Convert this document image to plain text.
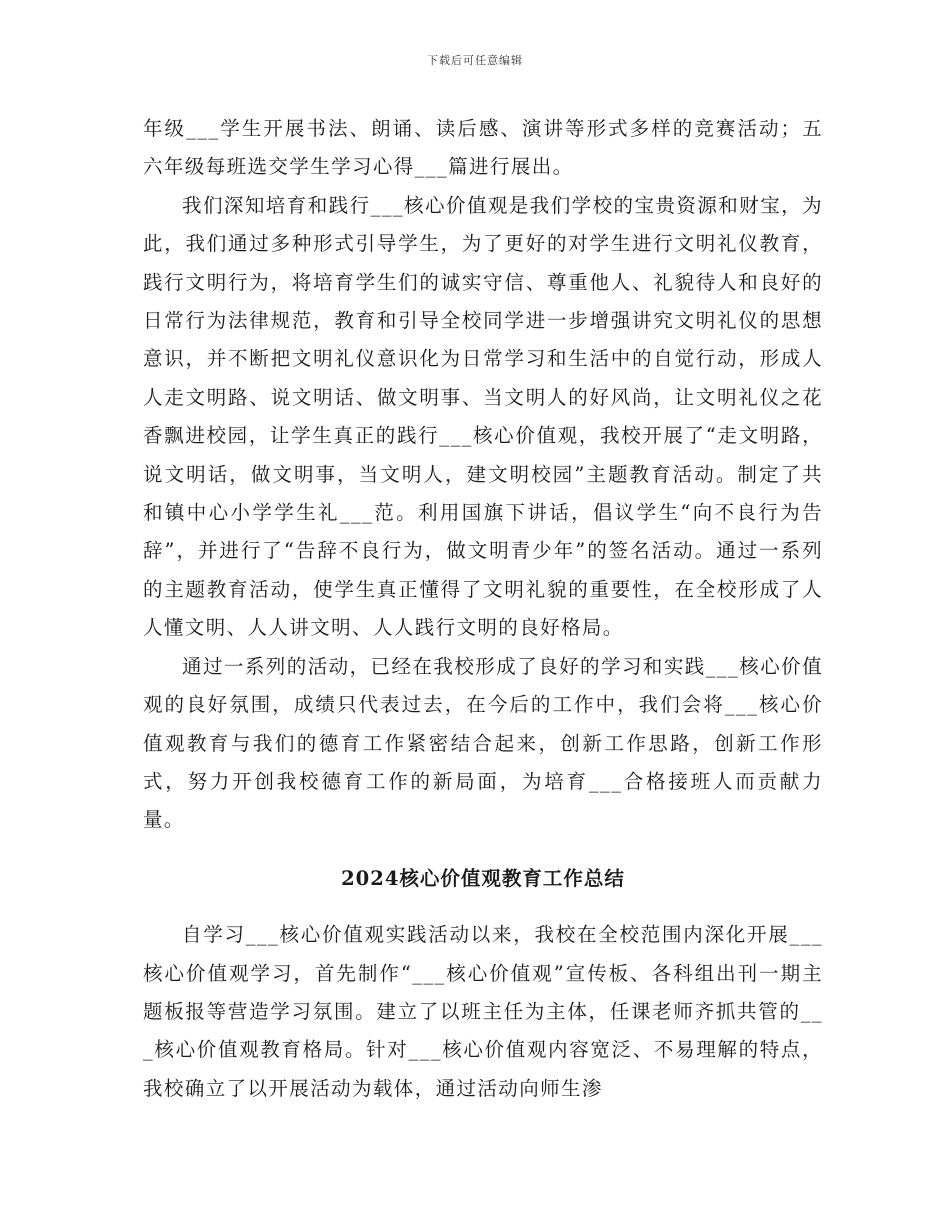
下载后可任意编辑

年级___学生开展书法、朗诵、读后感、演讲等形式多样的竞赛活动；五六年级每班选交学生学习心得___篇进行展出。

我们深知培育和践行___核心价值观是我们学校的宝贵资源和财宝，为此，我们通过多种形式引导学生，为了更好的对学生进行文明礼仪教育，践行文明行为，将培育学生们的诚实守信、尊重他人、礼貌待人和良好的日常行为法律规范，教育和引导全校同学进一步增强讲究文明礼仪的思想意识，并不断把文明礼仪意识化为日常学习和生活中的自觉行动，形成人人走文明路、说文明话、做文明事、当文明人的好风尚，让文明礼仪之花香飘进校园，让学生真正的践行___核心价值观，我校开展了“走文明路，说文明话，做文明事，当文明人，建文明校园”主题教育活动。制定了共和镇中心小学学生礼___范。利用国旗下讲话，倡议学生“向不良行为告辞”，并进行了“告辞不良行为，做文明青少年”的签名活动。通过一系列的主题教育活动，使学生真正懂得了文明礼貌的重要性，在全校形成了人人懂文明、人人讲文明、人人践行文明的良好格局。

通过一系列的活动，已经在我校形成了良好的学习和实践___核心价值观的良好氛围，成绩只代表过去，在今后的工作中，我们会将___核心价值观教育与我们的德育工作紧密结合起来，创新工作思路，创新工作形式，努力开创我校德育工作的新局面，为培育___合格接班人而贡献力量。

2024核心价值观教育工作总结

自学习___核心价值观实践活动以来，我校在全校范围内深化开展___核心价值观学习，首先制作“___核心价值观”宣传板、各科组出刊一期主题板报等营造学习氛围。建立了以班主任为主体，任课老师齐抓共管的___核心价值观教育格局。针对___核心价值观内容宽泛、不易理解的特点，我校确立了以开展活动为载体，通过活动向师生渗
